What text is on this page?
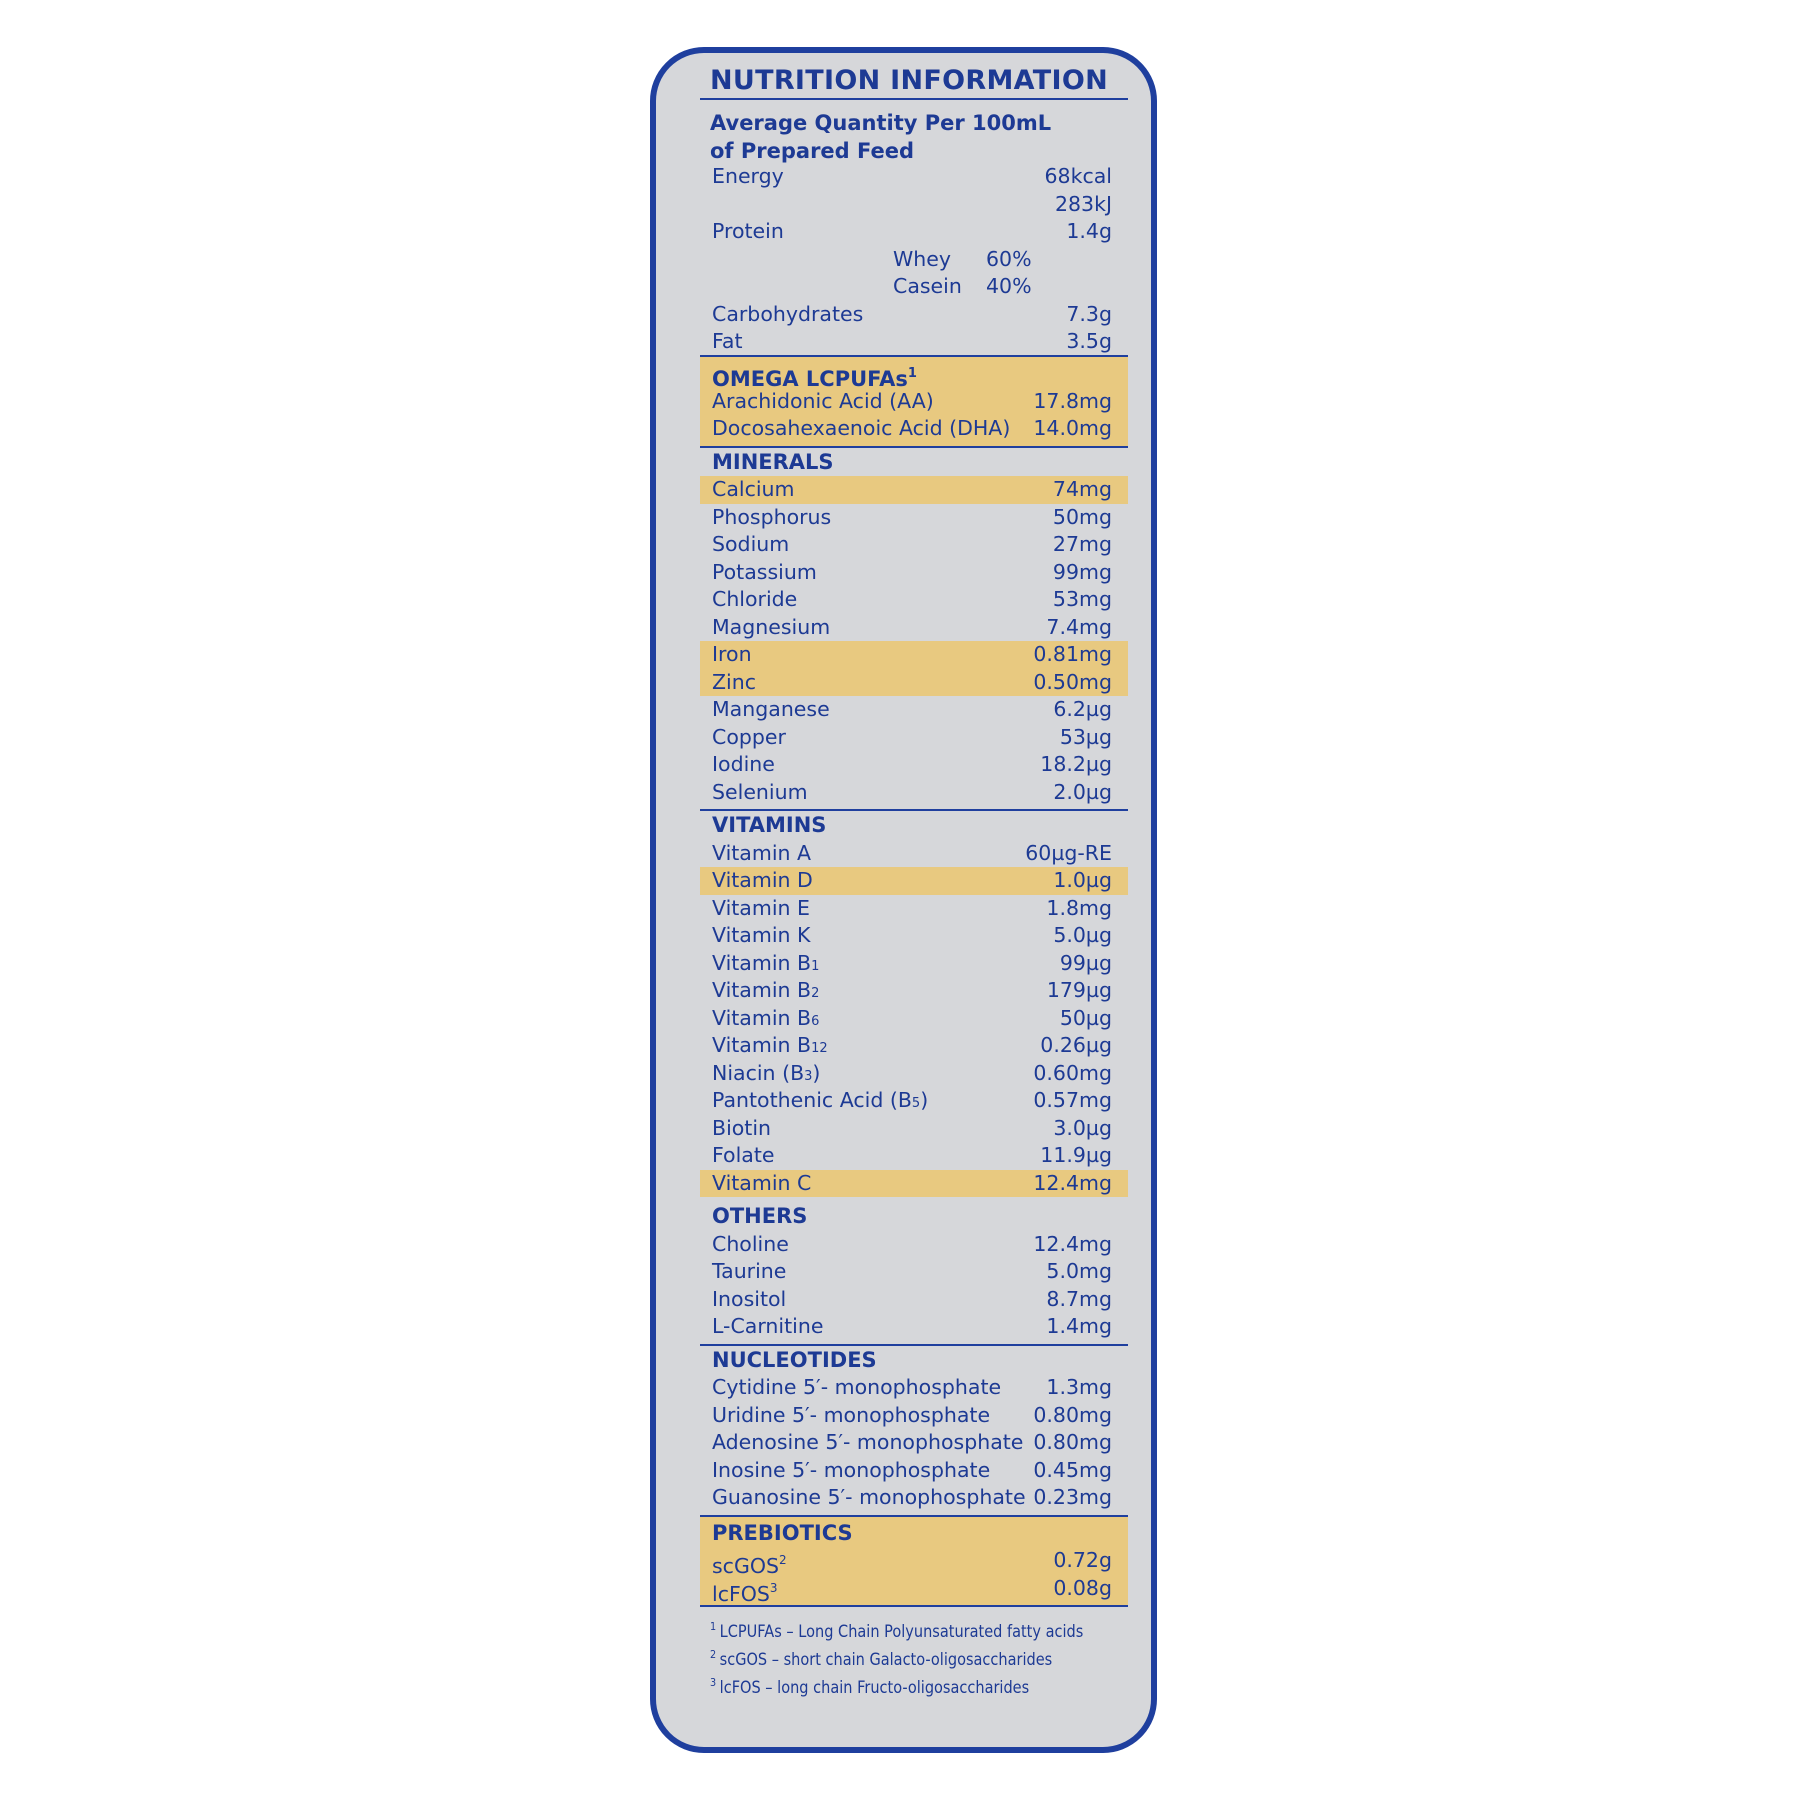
NUTRITION INFORMATION
Average Quantity Per 100mL
of Prepared Feed
Energy	68kcal
283kJ
Protein	1.4g
Whey 60%
Casein 40%
Carbohydrates	7.3g
Fat	3.5g
OMEGA LCPUFAs$^1$
Arachidonic Acid (AA)	17.8mg
Docosahexaenoic Acid (DHA) 14.0mg
MINERALS
Calcium	74mg
Phosphorus	50mg
Sodium	27mg
Potassium	99mg
Chloride	53mg
Magnesium	7.4mg
Iron	0.81mg
Zinc	0.50mg
Manganese	6.2µg
Copper	53µg
Iodine	18.2µg
Selenium	2.0µg
VITAMINS
Vitamin A	60µg-RE
Vitamin D	1.0µg
Vitamin E	1.8mg
Vitamin K	5.0µg
Vitamin B1	99µg
Vitamin B2	179µg
Vitamin B6	50µg
Vitamin B12	0.26µg
Niacin (B3)	0.60mg
Pantothenic Acid (B5)	0.57mg
Biotin	3.0µg
Folate	11.9µg
Vitamin C	12.4mg
OTHERS
Choline	12.4mg
Taurine	5.0mg
Inositol	8.7mg
L-Carnitine	1.4mg
NUCLEOTIDES
Cytidine 5′- monophosphate 1.3mg
Uridine 5′- monophosphate 0.80mg
Adenosine 5′- monophosphate 0.80mg
Inosine 5′- monophosphate 0.45mg
Guanosine 5′- monophosphate 0.23mg
PREBIOTICS
scGOS$^2$	0.72g
lcFOS$^3$	0.08g
$^1$ LCPUFAs – Long Chain Polyunsaturated fatty acids
$^2$ scGOS – short chain Galacto-oligosaccharides
$^3$ lcFOS – long chain Fructo-oligosaccharides
